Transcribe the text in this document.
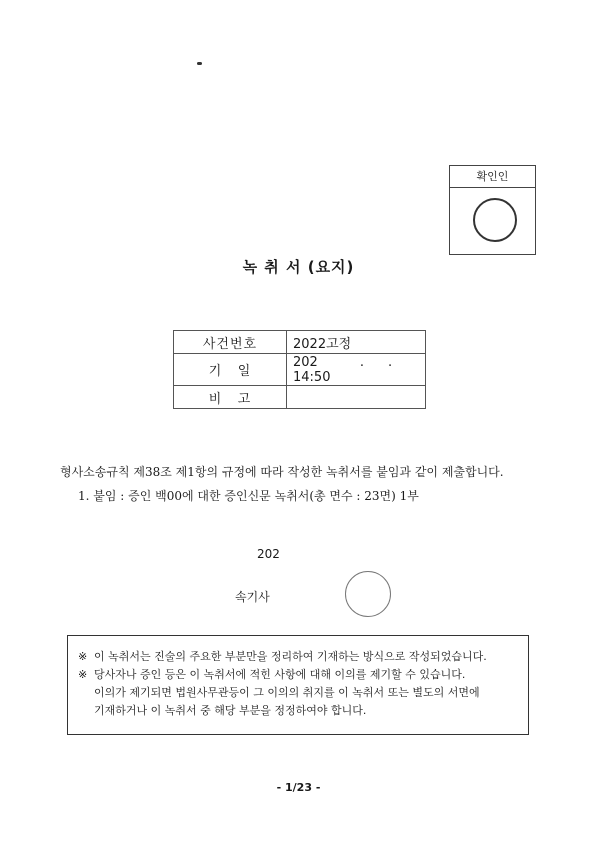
확인인
녹 취 서 (요지)
사건번호	2022고정
기   일	202 . . 14:50
비   고	
형사소송규칙 제38조 제1항의 규정에 따라 작성한 녹취서를 붙임과 같이 제출합니다.
1. 붙임 : 증인 백00에 대한 증인신문 녹취서(총 면수 : 23면) 1부
202
속기사
※ 이 녹취서는 진술의 주요한 부분만을 정리하여 기재하는 방식으로 작성되었습니다.
※ 당사자나 증인 등은 이 녹취서에 적힌 사항에 대해 이의를 제기할 수 있습니다.
이의가 제기되면 법원사무관등이 그 이의의 취지를 이 녹취서 또는 별도의 서면에
기재하거나 이 녹취서 중 해당 부분을 정정하여야 합니다.
- 1/23 -
